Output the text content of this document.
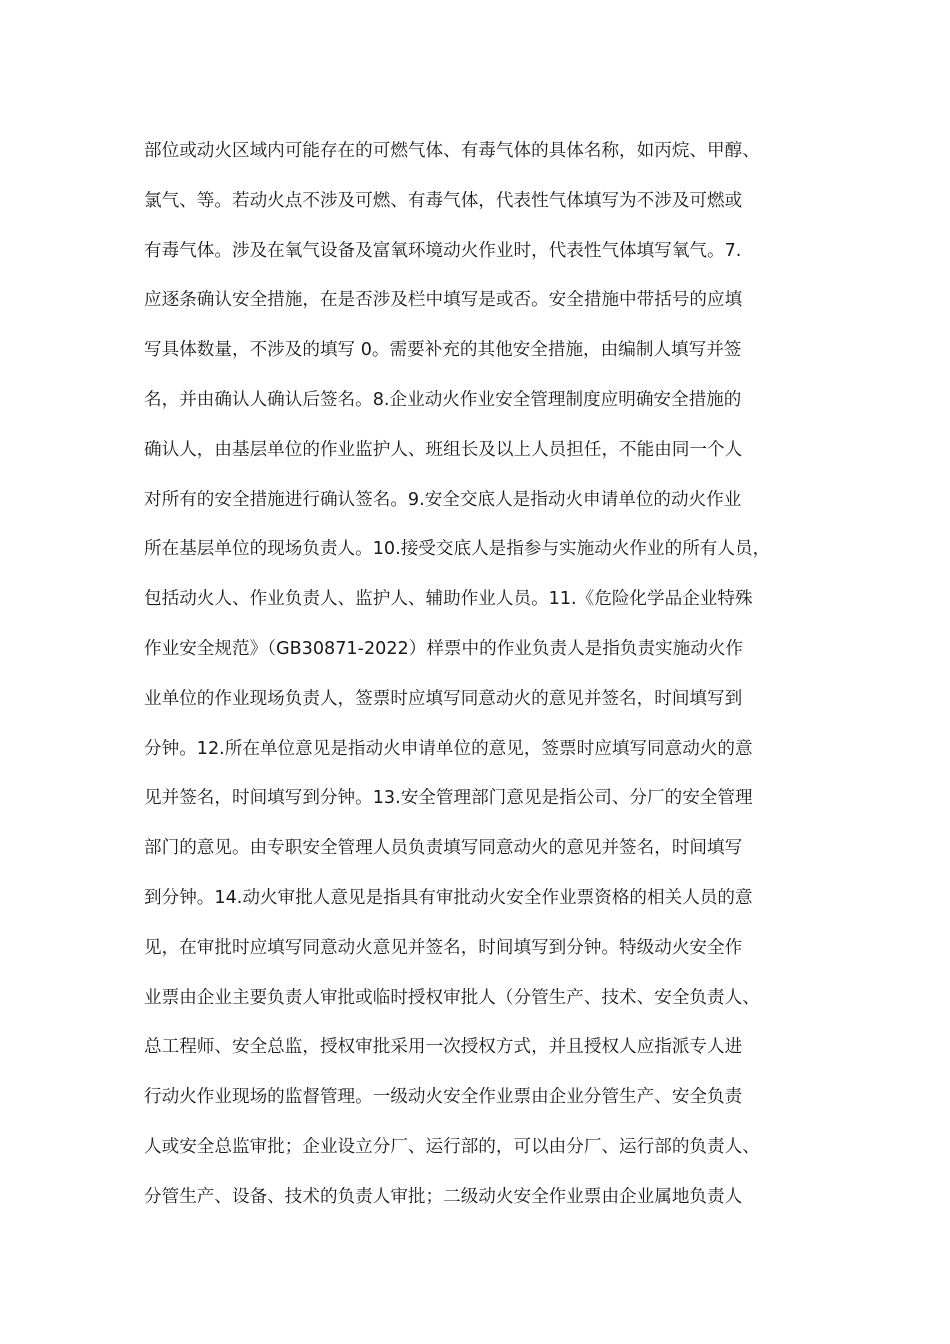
部位或动火区域内可能存在的可燃气体、有毒气体的具体名称，如丙烷、甲醇、
氯气、等。若动火点不涉及可燃、有毒气体，代表性气体填写为不涉及可燃或
有毒气体。涉及在氧气设备及富氧环境动火作业时，代表性气体填写氧气。7.
应逐条确认安全措施，在是否涉及栏中填写是或否。安全措施中带括号的应填
写具体数量，不涉及的填写 0。需要补充的其他安全措施，由编制人填写并签
名，并由确认人确认后签名。8.企业动火作业安全管理制度应明确安全措施的
确认人，由基层单位的作业监护人、班组长及以上人员担任，不能由同一个人
对所有的安全措施进行确认签名。9.安全交底人是指动火申请单位的动火作业
所在基层单位的现场负责人。10.接受交底人是指参与实施动火作业的所有人员，
包括动火人、作业负责人、监护人、辅助作业人员。11.《危险化学品企业特殊
作业安全规范》（GB30871-2022）样票中的作业负责人是指负责实施动火作
业单位的作业现场负责人，签票时应填写同意动火的意见并签名，时间填写到
分钟。12.所在单位意见是指动火申请单位的意见，签票时应填写同意动火的意
见并签名，时间填写到分钟。13.安全管理部门意见是指公司、分厂的安全管理
部门的意见。由专职安全管理人员负责填写同意动火的意见并签名，时间填写
到分钟。14.动火审批人意见是指具有审批动火安全作业票资格的相关人员的意
见，在审批时应填写同意动火意见并签名，时间填写到分钟。特级动火安全作
业票由企业主要负责人审批或临时授权审批人（分管生产、技术、安全负责人、
总工程师、安全总监，授权审批采用一次授权方式，并且授权人应指派专人进
行动火作业现场的监督管理。一级动火安全作业票由企业分管生产、安全负责
人或安全总监审批；企业设立分厂、运行部的，可以由分厂、运行部的负责人、
分管生产、设备、技术的负责人审批；二级动火安全作业票由企业属地负责人
